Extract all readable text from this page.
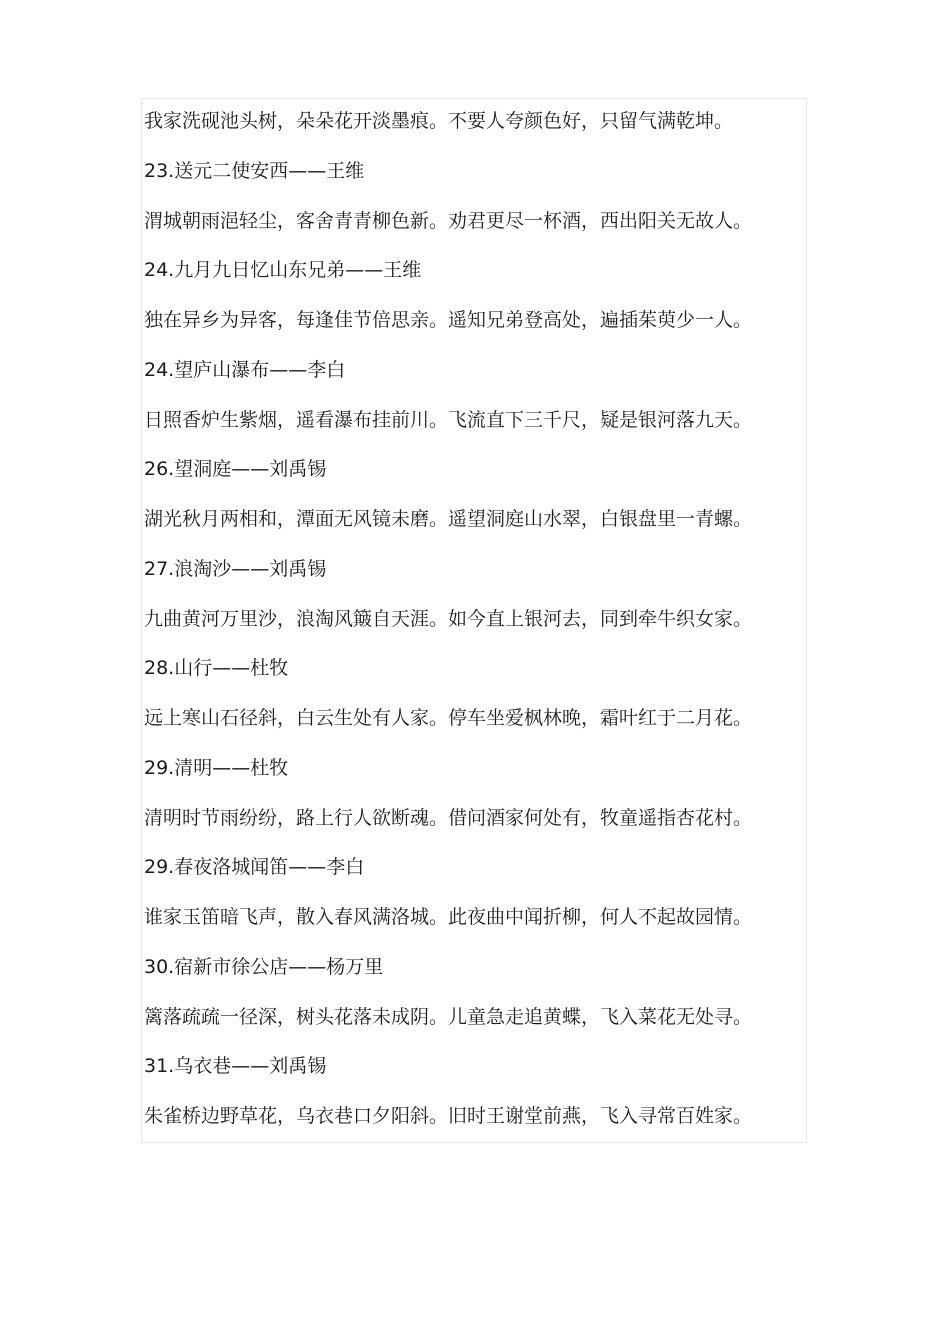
我家洗砚池头树，朵朵花开淡墨痕。不要人夸颜色好，只留气满乾坤。
23.送元二使安西——王维
渭城朝雨浥轻尘，客舍青青柳色新。劝君更尽一杯酒，西出阳关无故人。
24.九月九日忆山东兄弟——王维
独在异乡为异客，每逢佳节倍思亲。遥知兄弟登高处，遍插茱萸少一人。
24.望庐山瀑布——李白
日照香炉生紫烟，遥看瀑布挂前川。飞流直下三千尺，疑是银河落九天。
26.望洞庭——刘禹锡
湖光秋月两相和，潭面无风镜未磨。遥望洞庭山水翠，白银盘里一青螺。
27.浪淘沙——刘禹锡
九曲黄河万里沙，浪淘风簸自天涯。如今直上银河去，同到牵牛织女家。
28.山行——杜牧
远上寒山石径斜，白云生处有人家。停车坐爱枫林晚，霜叶红于二月花。
29.清明——杜牧
清明时节雨纷纷，路上行人欲断魂。借问酒家何处有，牧童遥指杏花村。
29.春夜洛城闻笛——李白
谁家玉笛暗飞声，散入春风满洛城。此夜曲中闻折柳，何人不起故园情。
30.宿新市徐公店——杨万里
篱落疏疏一径深，树头花落未成阴。儿童急走追黄蝶，飞入菜花无处寻。
31.乌衣巷——刘禹锡
朱雀桥边野草花，乌衣巷口夕阳斜。旧时王谢堂前燕，飞入寻常百姓家。
